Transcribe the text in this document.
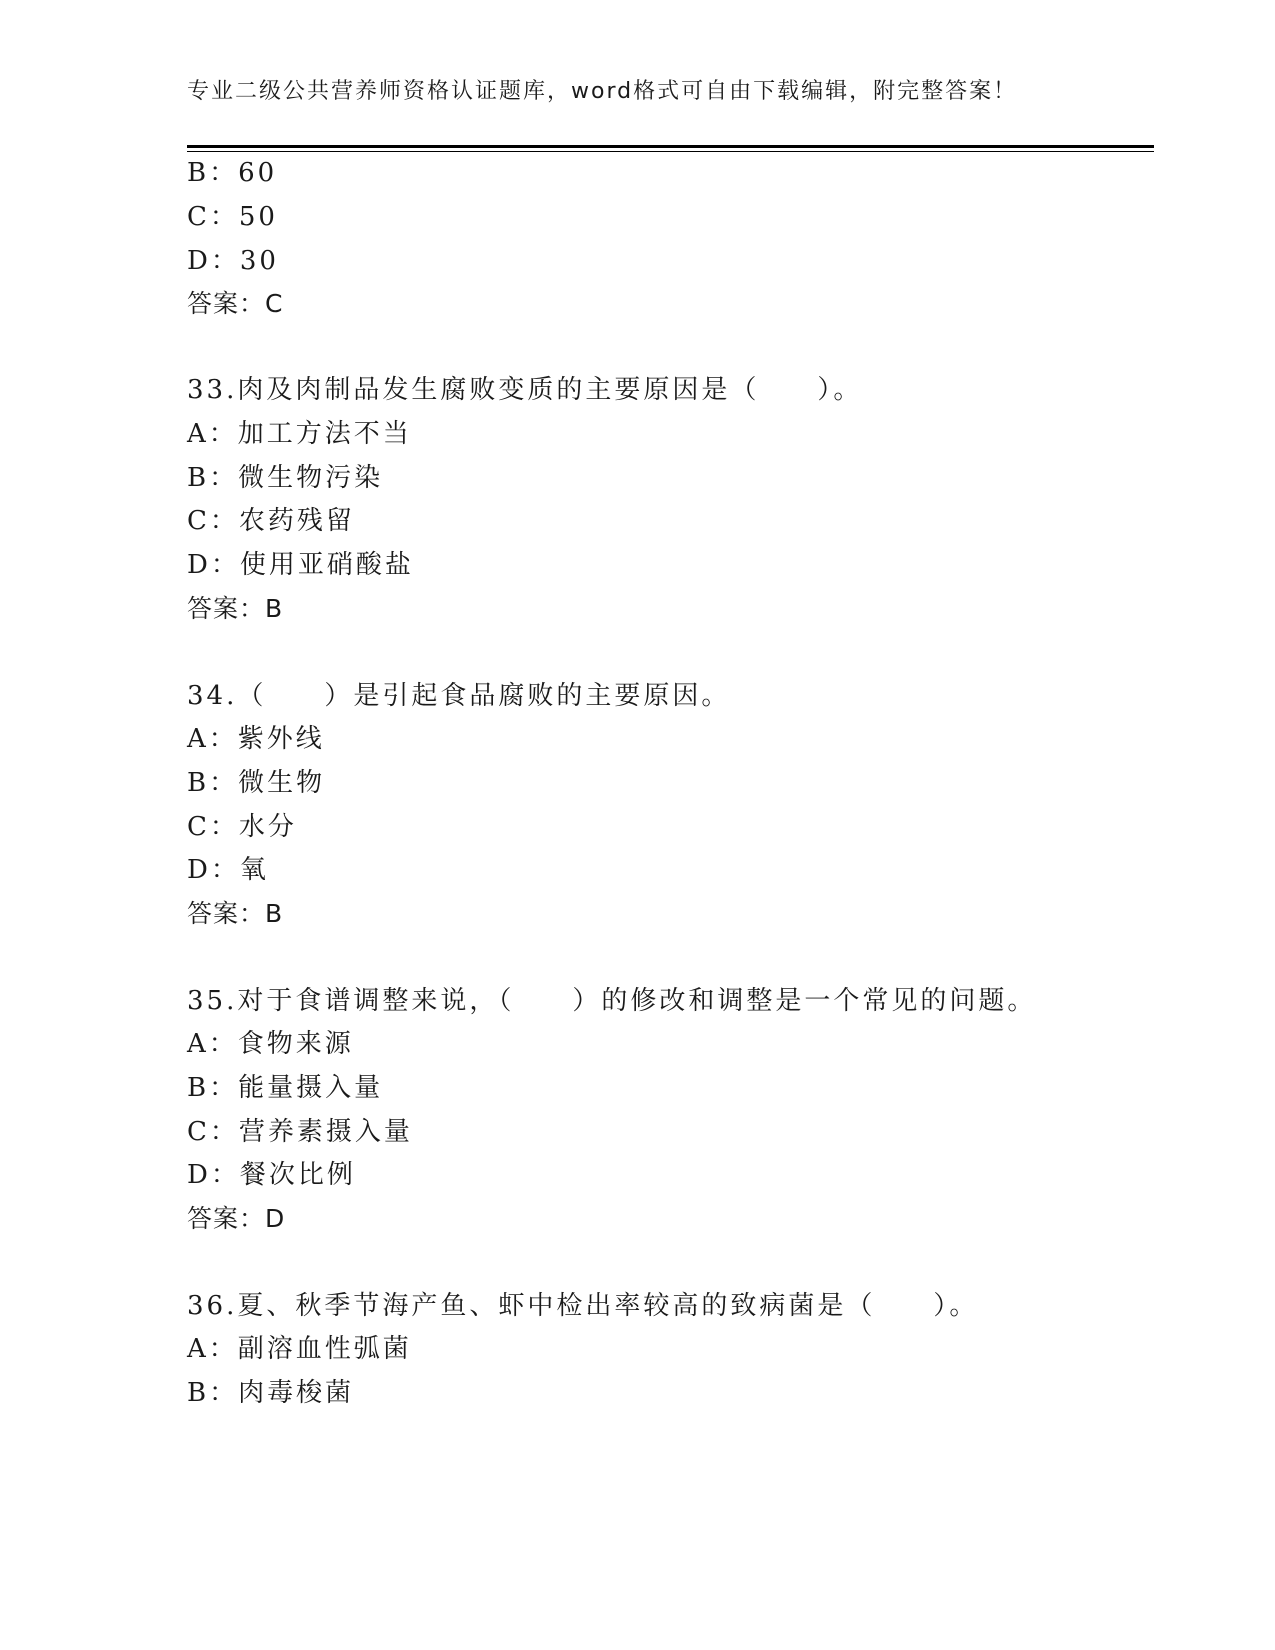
专业二级公共营养师资格认证题库，word格式可自由下载编辑，附完整答案！
B：60
C：50
D：30
答案：C
33.肉及肉制品发生腐败变质的主要原因是（　　）。
A：加工方法不当
B：微生物污染
C：农药残留
D：使用亚硝酸盐
答案：B
34.（　　）是引起食品腐败的主要原因。
A：紫外线
B：微生物
C：水分
D：氧
答案：B
35.对于食谱调整来说，（　　）的修改和调整是一个常见的问题。
A：食物来源
B：能量摄入量
C：营养素摄入量
D：餐次比例
答案：D
36.夏、秋季节海产鱼、虾中检出率较高的致病菌是（　　）。
A：副溶血性弧菌
B：肉毒梭菌
